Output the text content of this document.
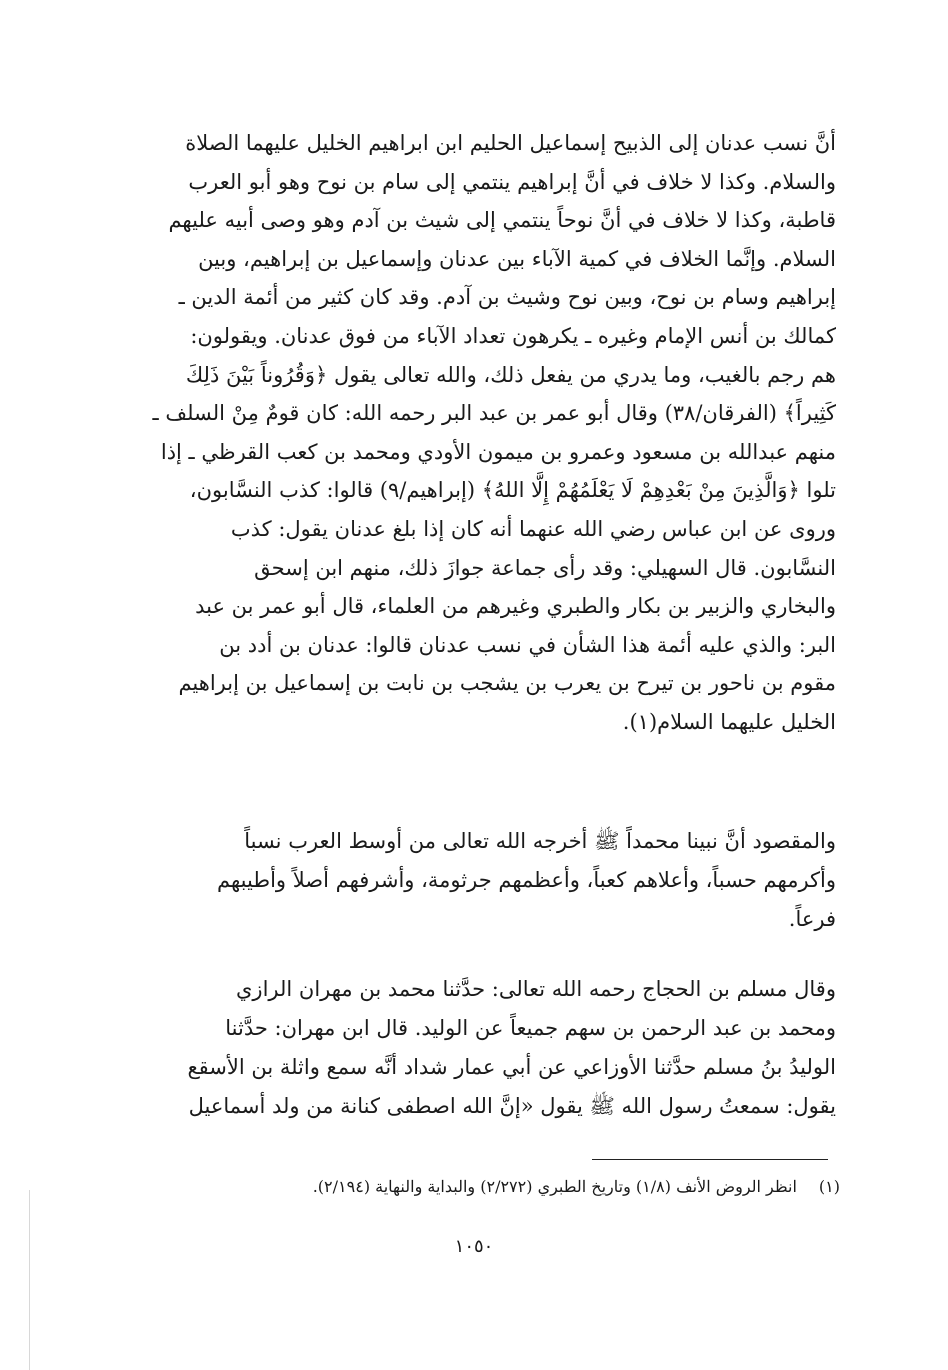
أنَّ نسب عدنان إلى الذبيح إسماعيل الحليم ابن ابراهيم الخليل عليهما الصلاة
والسلام. وكذا لا خلاف في أنَّ إبراهيم ينتمي إلى سام بن نوح وهو أبو العرب
قاطبة، وكذا لا خلاف في أنَّ نوحاً ينتمي إلى شيث بن آدم وهو وصى أبيه عليهم
السلام. وإنَّما الخلاف في كمية الآباء بين عدنان وإسماعيل بن إبراهيم، وبين
إبراهيم وسام بن نوح، وبين نوح وشيث بن آدم. وقد كان كثير من أئمة الدين ـ
كمالك بن أنس الإمام وغيره ـ يكرهون تعداد الآباء من فوق عدنان. ويقولون:
هم رجم بالغيب، وما يدري من يفعل ذلك، والله تعالى يقول ﴿وَقُرُوناً بَيْنَ ذَلِكَ
كَثِيراً﴾ (الفرقان/٣٨) وقال أبو عمر بن عبد البر رحمه الله: كان قومٌ مِنْ السلف ـ
منهم عبدالله بن مسعود وعمرو بن ميمون الأودي ومحمد بن كعب القرظي ـ إذا
تلوا ﴿وَالَّذِينَ مِنْ بَعْدِهِمْ لَا يَعْلَمُهُمْ إِلَّا اللهُ﴾ (إبراهيم/٩) قالوا: كذب النسَّابون،
وروى عن ابن عباس رضي الله عنهما أنه كان إذا بلغ عدنان يقول: كذب
النسَّابون. قال السهيلي: وقد رأى جماعة جوازَ ذلك، منهم ابن إسحق
والبخاري والزبير بن بكار والطبري وغيرهم من العلماء، قال أبو عمر بن عبد
البر: والذي عليه أئمة هذا الشأن في نسب عدنان قالوا: عدنان بن أدد بن
مقوم بن ناحور بن تيرح بن يعرب بن يشجب بن نابت بن إسماعيل بن إبراهيم
الخليل عليهما السلام(١).
والمقصود أنَّ نبينا محمداً ﷺ أخرجه الله تعالى من أوسط العرب نسباً
وأكرمهم حسباً، وأعلاهم كعباً، وأعظمهم جرثومة، وأشرفهم أصلاً وأطيبهم
فرعاً.
وقال مسلم بن الحجاج رحمه الله تعالى: حدَّثنا محمد بن مهران الرازي
ومحمد بن عبد الرحمن بن سهم جميعاً عن الوليد. قال ابن مهران: حدَّثنا
الوليدُ بنُ مسلم حدَّثنا الأوزاعي عن أبي عمار شداد أنَّه سمع واثلة بن الأسقع
يقول: سمعتُ رسول الله ﷺ يقول «إنَّ الله اصطفى كنانة من ولد أسماعيل
(١)انظر الروض الأنف (١/٨) وتاريخ الطبري (٢/٢٧٢) والبداية والنهاية (٢/١٩٤).
١٠٥٠
